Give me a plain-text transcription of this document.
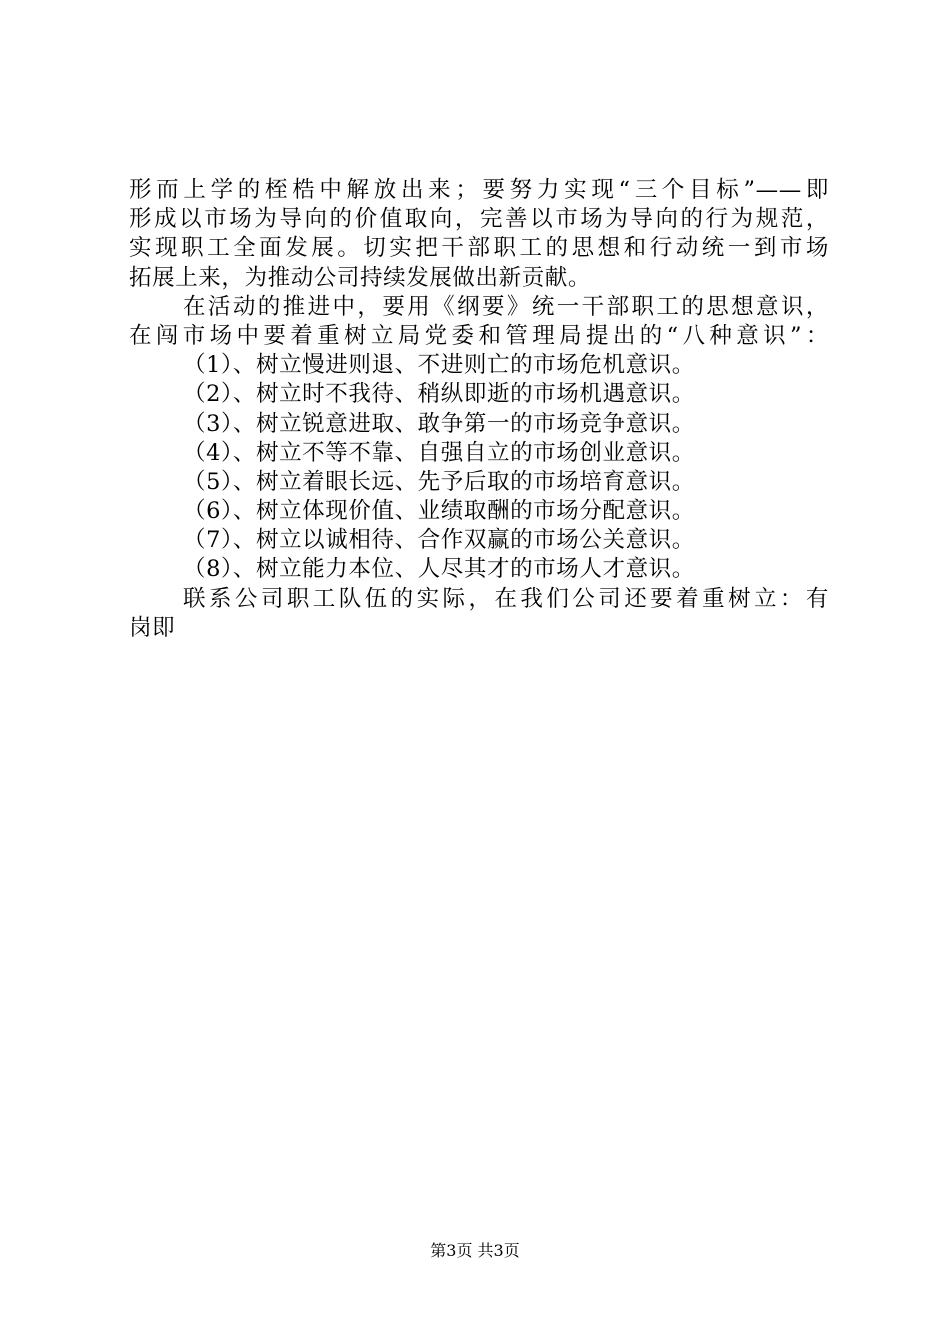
形而上学的桎梏中解放出来；要努力实现“三个目标”——即
形成以市场为导向的价值取向，完善以市场为导向的行为规范，
实现职工全面发展。切实把干部职工的思想和行动统一到市场
拓展上来，为推动公司持续发展做出新贡献。
在活动的推进中，要用《纲要》统一干部职工的思想意识，
在闯市场中要着重树立局党委和管理局提出的“八种意识”：
（1）、树立慢进则退、不进则亡的市场危机意识。
（2）、树立时不我待、稍纵即逝的市场机遇意识。
（3）、树立锐意进取、敢争第一的市场竞争意识。
（4）、树立不等不靠、自强自立的市场创业意识。
（5）、树立着眼长远、先予后取的市场培育意识。
（6）、树立体现价值、业绩取酬的市场分配意识。
（7）、树立以诚相待、合作双赢的市场公关意识。
（8）、树立能力本位、人尽其才的市场人才意识。
联系公司职工队伍的实际，在我们公司还要着重树立：有
岗即
第3页 共3页
